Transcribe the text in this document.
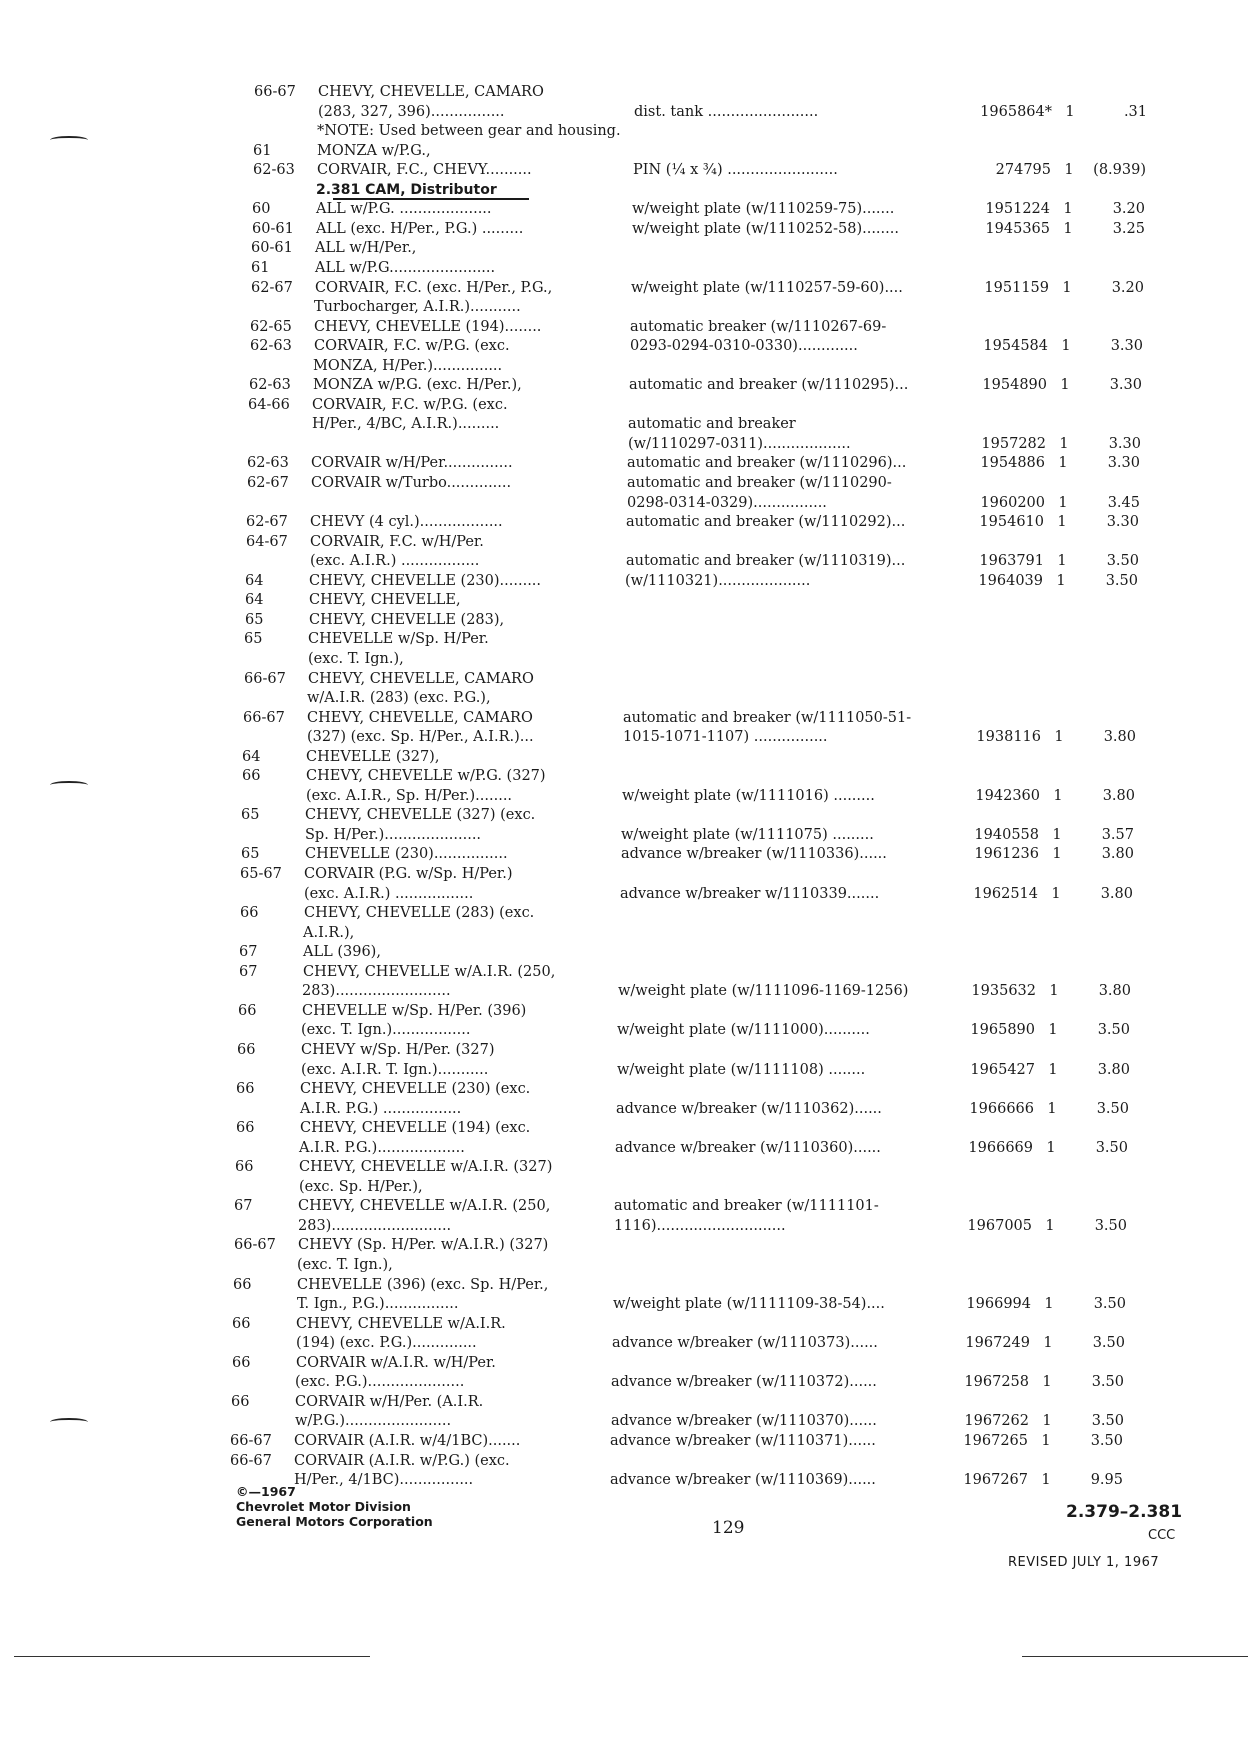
66-67	CHEVY, CHEVELLE, CAMARO
(283, 327, 396)................	dist. tank ........................	1965864* 1	.31
*NOTE: Used between gear and housing.
61	MONZA w/P.G.,
62-63	CORVAIR, F.C., CHEVY..........	PIN (¼ x ¾) ........................	274795 1	(8.939)
2.381 CAM, Distributor
60	ALL w/P.G. ....................	w/weight plate (w/1110259-75).......	1951224 1	3.20
60-61	ALL (exc. H/Per., P.G.) .........	w/weight plate (w/1110252-58)........	1945365 1	3.25
60-61	ALL w/H/Per.,
61	ALL w/P.G.......................
62-67	CORVAIR, F.C. (exc. H/Per., P.G.,	w/weight plate (w/1110257-59-60)....	1951159 1	3.20
Turbocharger, A.I.R.)...........
62-65	CHEVY, CHEVELLE (194)........	automatic breaker (w/1110267-69-
62-63	CORVAIR, F.C. w/P.G. (exc.	0293-0294-0310-0330).............	1954584 1	3.30
MONZA, H/Per.)...............
62-63	MONZA w/P.G. (exc. H/Per.),	automatic and breaker (w/1110295)...	1954890 1	3.30
64-66	CORVAIR, F.C. w/P.G. (exc.
H/Per., 4/BC, A.I.R.).........	automatic and breaker
(w/1110297-0311)...................	1957282 1	3.30
62-63	CORVAIR w/H/Per...............	automatic and breaker (w/1110296)...	1954886 1	3.30
62-67	CORVAIR w/Turbo..............	automatic and breaker (w/1110290-
0298-0314-0329)................	1960200 1	3.45
62-67	CHEVY (4 cyl.)..................	automatic and breaker (w/1110292)...	1954610 1	3.30
64-67	CORVAIR, F.C. w/H/Per.
(exc. A.I.R.) .................	automatic and breaker (w/1110319)...	1963791 1	3.50
64	CHEVY, CHEVELLE (230).........	(w/1110321)....................	1964039 1	3.50
64	CHEVY, CHEVELLE,
65	CHEVY, CHEVELLE (283),
65	CHEVELLE w/Sp. H/Per.
(exc. T. Ign.),
66-67	CHEVY, CHEVELLE, CAMARO
w/A.I.R. (283) (exc. P.G.),
66-67	CHEVY, CHEVELLE, CAMARO	automatic and breaker (w/1111050-51-
(327) (exc. Sp. H/Per., A.I.R.)...	1015-1071-1107) ................	1938116 1	3.80
64	CHEVELLE (327),
66	CHEVY, CHEVELLE w/P.G. (327)
(exc. A.I.R., Sp. H/Per.)........	w/weight plate (w/1111016) .........	1942360 1	3.80
65	CHEVY, CHEVELLE (327) (exc.
Sp. H/Per.).....................	w/weight plate (w/1111075) .........	1940558 1	3.57
65	CHEVELLE (230)................	advance w/breaker (w/1110336)......	1961236 1	3.80
65-67	CORVAIR (P.G. w/Sp. H/Per.)
(exc. A.I.R.) .................	advance w/breaker w/1110339.......	1962514 1	3.80
66	CHEVY, CHEVELLE (283) (exc.
A.I.R.),
67	ALL (396),
67	CHEVY, CHEVELLE w/A.I.R. (250,
283).........................	w/weight plate (w/1111096-1169-1256)	1935632 1	3.80
66	CHEVELLE w/Sp. H/Per. (396)
(exc. T. Ign.).................	w/weight plate (w/1111000)..........	1965890 1	3.50
66	CHEVY w/Sp. H/Per. (327)
(exc. A.I.R. T. Ign.)...........	w/weight plate (w/1111108) ........	1965427 1	3.80
66	CHEVY, CHEVELLE (230) (exc.
A.I.R. P.G.) .................	advance w/breaker (w/1110362)......	1966666 1	3.50
66	CHEVY, CHEVELLE (194) (exc.
A.I.R. P.G.)...................	advance w/breaker (w/1110360)......	1966669 1	3.50
66	CHEVY, CHEVELLE w/A.I.R. (327)
(exc. Sp. H/Per.),
67	CHEVY, CHEVELLE w/A.I.R. (250,	automatic and breaker (w/1111101-
283)..........................	1116)............................	1967005 1	3.50
66-67	CHEVY (Sp. H/Per. w/A.I.R.) (327)
(exc. T. Ign.),
66	CHEVELLE (396) (exc. Sp. H/Per.,
T. Ign., P.G.)................	w/weight plate (w/1111109-38-54)....	1966994 1	3.50
66	CHEVY, CHEVELLE w/A.I.R.
(194) (exc. P.G.)..............	advance w/breaker (w/1110373)......	1967249 1	3.50
66	CORVAIR w/A.I.R. w/H/Per.
(exc. P.G.).....................	advance w/breaker (w/1110372)......	1967258 1	3.50
66	CORVAIR w/H/Per. (A.I.R.
w/P.G.).......................	advance w/breaker (w/1110370)......	1967262 1	3.50
66-67	CORVAIR (A.I.R. w/4/1BC).......	advance w/breaker (w/1110371)......	1967265 1	3.50
66-67	CORVAIR (A.I.R. w/P.G.) (exc.
H/Per., 4/1BC)................	advance w/breaker (w/1110369)......	1967267 1	9.95
©—1967
Chevrolet Motor Division
General Motors Corporation	129
2.379–2.381
CCC
REVISED JULY 1, 1967
